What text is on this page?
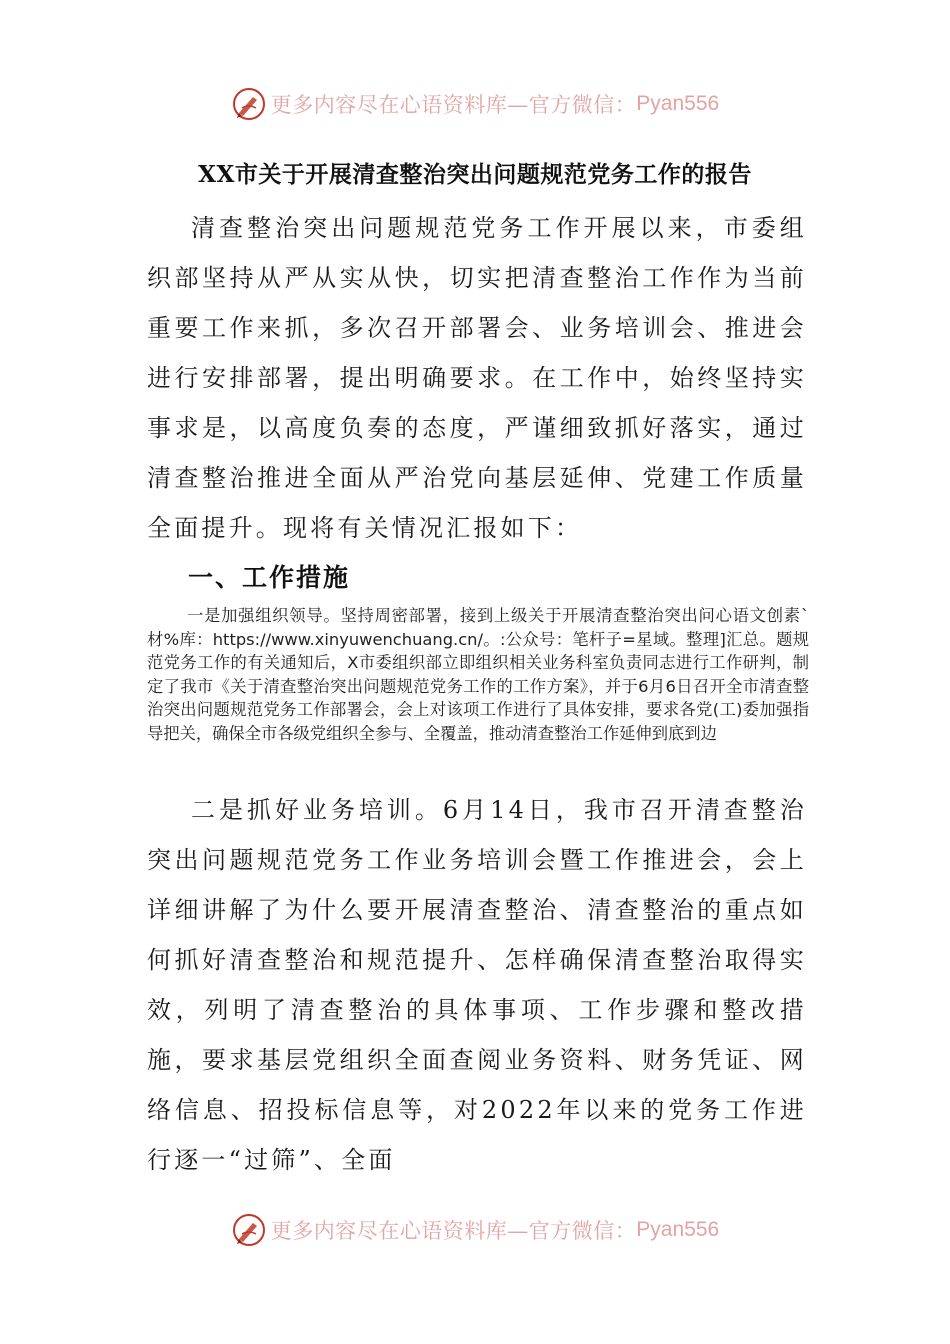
更多内容尽在心语资料库—官方微信： Pyan556
XX市关于开展清查整治突出问题规范党务工作的报告

清查整治突出问题规范党务工作开展以来，市委组织部坚持从严从实从快，切实把清查整治工作作为当前重要工作来抓，多次召开部署会、业务培训会、推进会进行安排部署，提出明确要求。在工作中，始终坚持实事求是，以高度负奏的态度，严谨细致抓好落实，通过清查整治推进全面从严治党向基层延伸、党建工作质量全面提升。现将有关情况汇报如下：

一、工作措施

一是加强组织领导。坚持周密部署，接到上级关于开展清查整治突出问心语文创素`材%库：https://www.xinyuwenchuang.cn/。:公众号：笔杆子=星域。整理]汇总。题规范党务工作的有关通知后，X市委组织部立即组织相关业务科室负责同志进行工作研判，制定了我市《关于清查整治突出问题规范党务工作的工作方案》，并于6月6日召开全市清查整治突出问题规范党务工作部署会，会上对该项工作进行了具体安排，要求各党(工)委加强指导把关，确保全市各级党组织全参与、全覆盖，推动清查整治工作延伸到底到边

二是抓好业务培训。6月14日，我市召开清查整治突出问题规范党务工作业务培训会暨工作推进会，会上详细讲解了为什么要开展清查整治、清查整治的重点如何抓好清查整治和规范提升、怎样确保清查整治取得实效，列明了清查整治的具体事项、工作步骤和整改措施，要求基层党组织全面查阅业务资料、财务凭证、网络信息、招投标信息等，对2022年以来的党务工作进行逐一“过筛”、全面

更多内容尽在心语资料库—官方微信： Pyan556
